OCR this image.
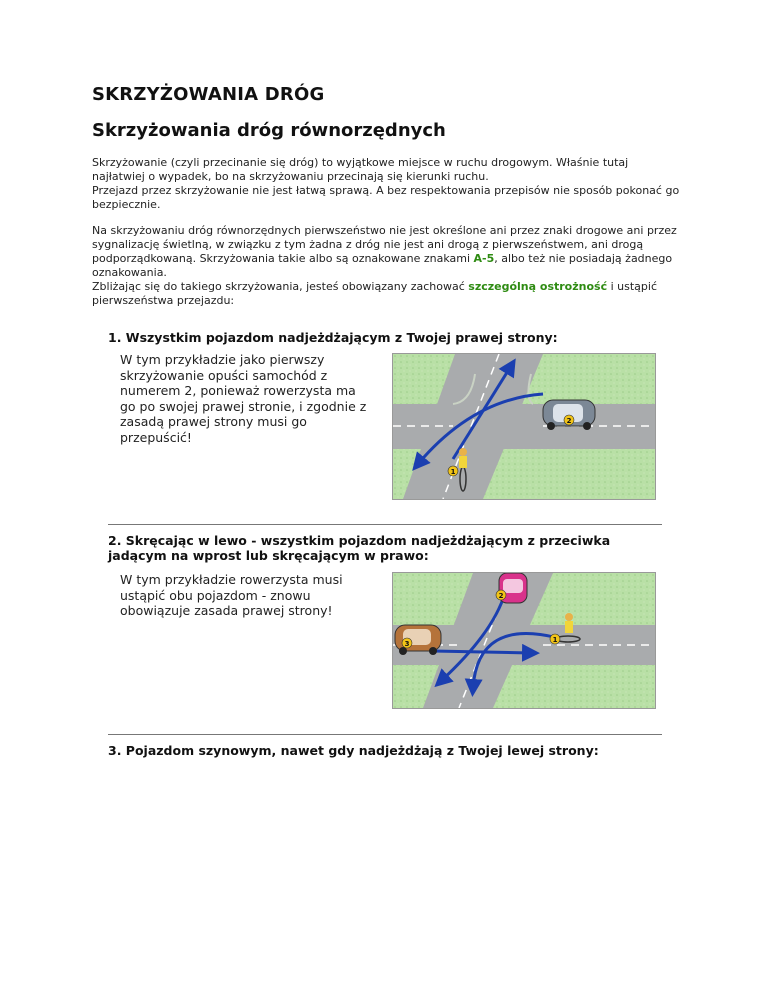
SKRZYŻOWANIA DRÓG
Skrzyżowania dróg równorzędnych
Skrzyżowanie (czyli przecinanie się dróg) to wyjątkowe miejsce w ruchu drogowym. Właśnie tutaj najłatwiej o wypadek, bo na skrzyżowaniu przecinają się kierunki ruchu.
Przejazd przez skrzyżowanie nie jest łatwą sprawą. A bez respektowania przepisów nie sposób pokonać go bezpiecznie.
Na skrzyżowaniu dróg równorzędnych pierwszeństwo nie jest określone ani przez znaki drogowe ani przez sygnalizację świetlną, w związku z tym żadna z dróg nie jest ani drogą z pierwszeństwem, ani drogą podporządkowaną. Skrzyżowania takie albo są oznakowane znakami A-5, albo też nie posiadają żadnego oznakowania.
Zbliżając się do takiego skrzyżowania, jesteś obowiązany zachować szczególną ostrożność i ustąpić pierwszeństwa przejazdu:

1. Wszystkim pojazdom nadjeżdżającym z Twojej prawej strony:

W tym przykładzie jako pierwszy skrzyżowanie opuści samochód z numerem 2, ponieważ rowerzysta ma go po swojej prawej stronie, i zgodnie z zasadą prawej strony musi go przepuścić!

2
1

2. Skręcając w lewo - wszystkim pojazdom nadjeżdżającym z przeciwka jadącym na wprost lub skręcającym w prawo:

W tym przykładzie rowerzysta musi ustąpić obu pojazdom - znowu obowiązuje zasada prawej strony!

2
3	1

3. Pojazdom szynowym, nawet gdy nadjeżdżają z Twojej lewej strony:
